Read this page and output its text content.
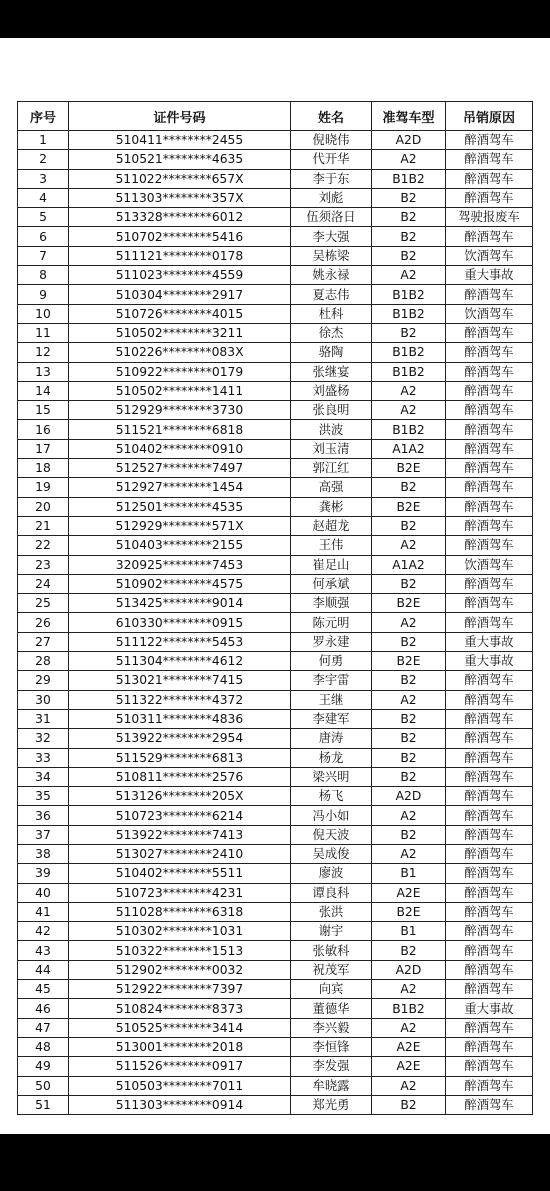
序号	证件号码	姓名	准驾车型	吊销原因
1	510411********2455	倪晓伟	A2D	醉酒驾车
2	510521********4635	代开华	A2	醉酒驾车
3	511022********657X	李于东	B1B2	醉酒驾车
4	511303********357X	刘彪	B2	醉酒驾车
5	513328********6012	伍须洛日	B2	驾驶报废车
6	510702********5416	李大强	B2	醉酒驾车
7	511121********0178	吴栋梁	B2	饮酒驾车
8	511023********4559	姚永禄	A2	重大事故
9	510304********2917	夏志伟	B1B2	醉酒驾车
10	510726********4015	杜科	B1B2	饮酒驾车
11	510502********3211	徐杰	B2	醉酒驾车
12	510226********083X	骆陶	B1B2	醉酒驾车
13	510922********0179	张继宴	B1B2	醉酒驾车
14	510502********1411	刘盛杨	A2	醉酒驾车
15	512929********3730	张良明	A2	醉酒驾车
16	511521********6818	洪波	B1B2	醉酒驾车
17	510402********0910	刘玉清	A1A2	醉酒驾车
18	512527********7497	郭江红	B2E	醉酒驾车
19	512927********1454	高强	B2	醉酒驾车
20	512501********4535	龚彬	B2E	醉酒驾车
21	512929********571X	赵超龙	B2	醉酒驾车
22	510403********2155	王伟	A2	醉酒驾车
23	320925********7453	崔足山	A1A2	饮酒驾车
24	510902********4575	何承斌	B2	醉酒驾车
25	513425********9014	李顺强	B2E	醉酒驾车
26	610330********0915	陈元明	A2	醉酒驾车
27	511122********5453	罗永建	B2	重大事故
28	511304********4612	何勇	B2E	重大事故
29	513021********7415	李宇雷	B2	醉酒驾车
30	511322********4372	王继	A2	醉酒驾车
31	510311********4836	李建军	B2	醉酒驾车
32	513922********2954	唐涛	B2	醉酒驾车
33	511529********6813	杨龙	B2	醉酒驾车
34	510811********2576	梁兴明	B2	醉酒驾车
35	513126********205X	杨飞	A2D	醉酒驾车
36	510723********6214	冯小如	A2	醉酒驾车
37	513922********7413	倪天波	B2	醉酒驾车
38	513027********2410	吴成俊	A2	醉酒驾车
39	510402********5511	廖波	B1	醉酒驾车
40	510723********4231	谭良科	A2E	醉酒驾车
41	511028********6318	张洪	B2E	醉酒驾车
42	510302********1031	谢宇	B1	醉酒驾车
43	510322********1513	张敏科	B2	醉酒驾车
44	512902********0032	祝茂军	A2D	醉酒驾车
45	512922********7397	向宾	A2	醉酒驾车
46	510824********8373	董德华	B1B2	重大事故
47	510525********3414	李兴毅	A2	醉酒驾车
48	513001********2018	李恒锋	A2E	醉酒驾车
49	511526********0917	李发强	A2E	醉酒驾车
50	510503********7011	牟晓露	A2	醉酒驾车
51	511303********0914	郑光勇	B2	醉酒驾车
